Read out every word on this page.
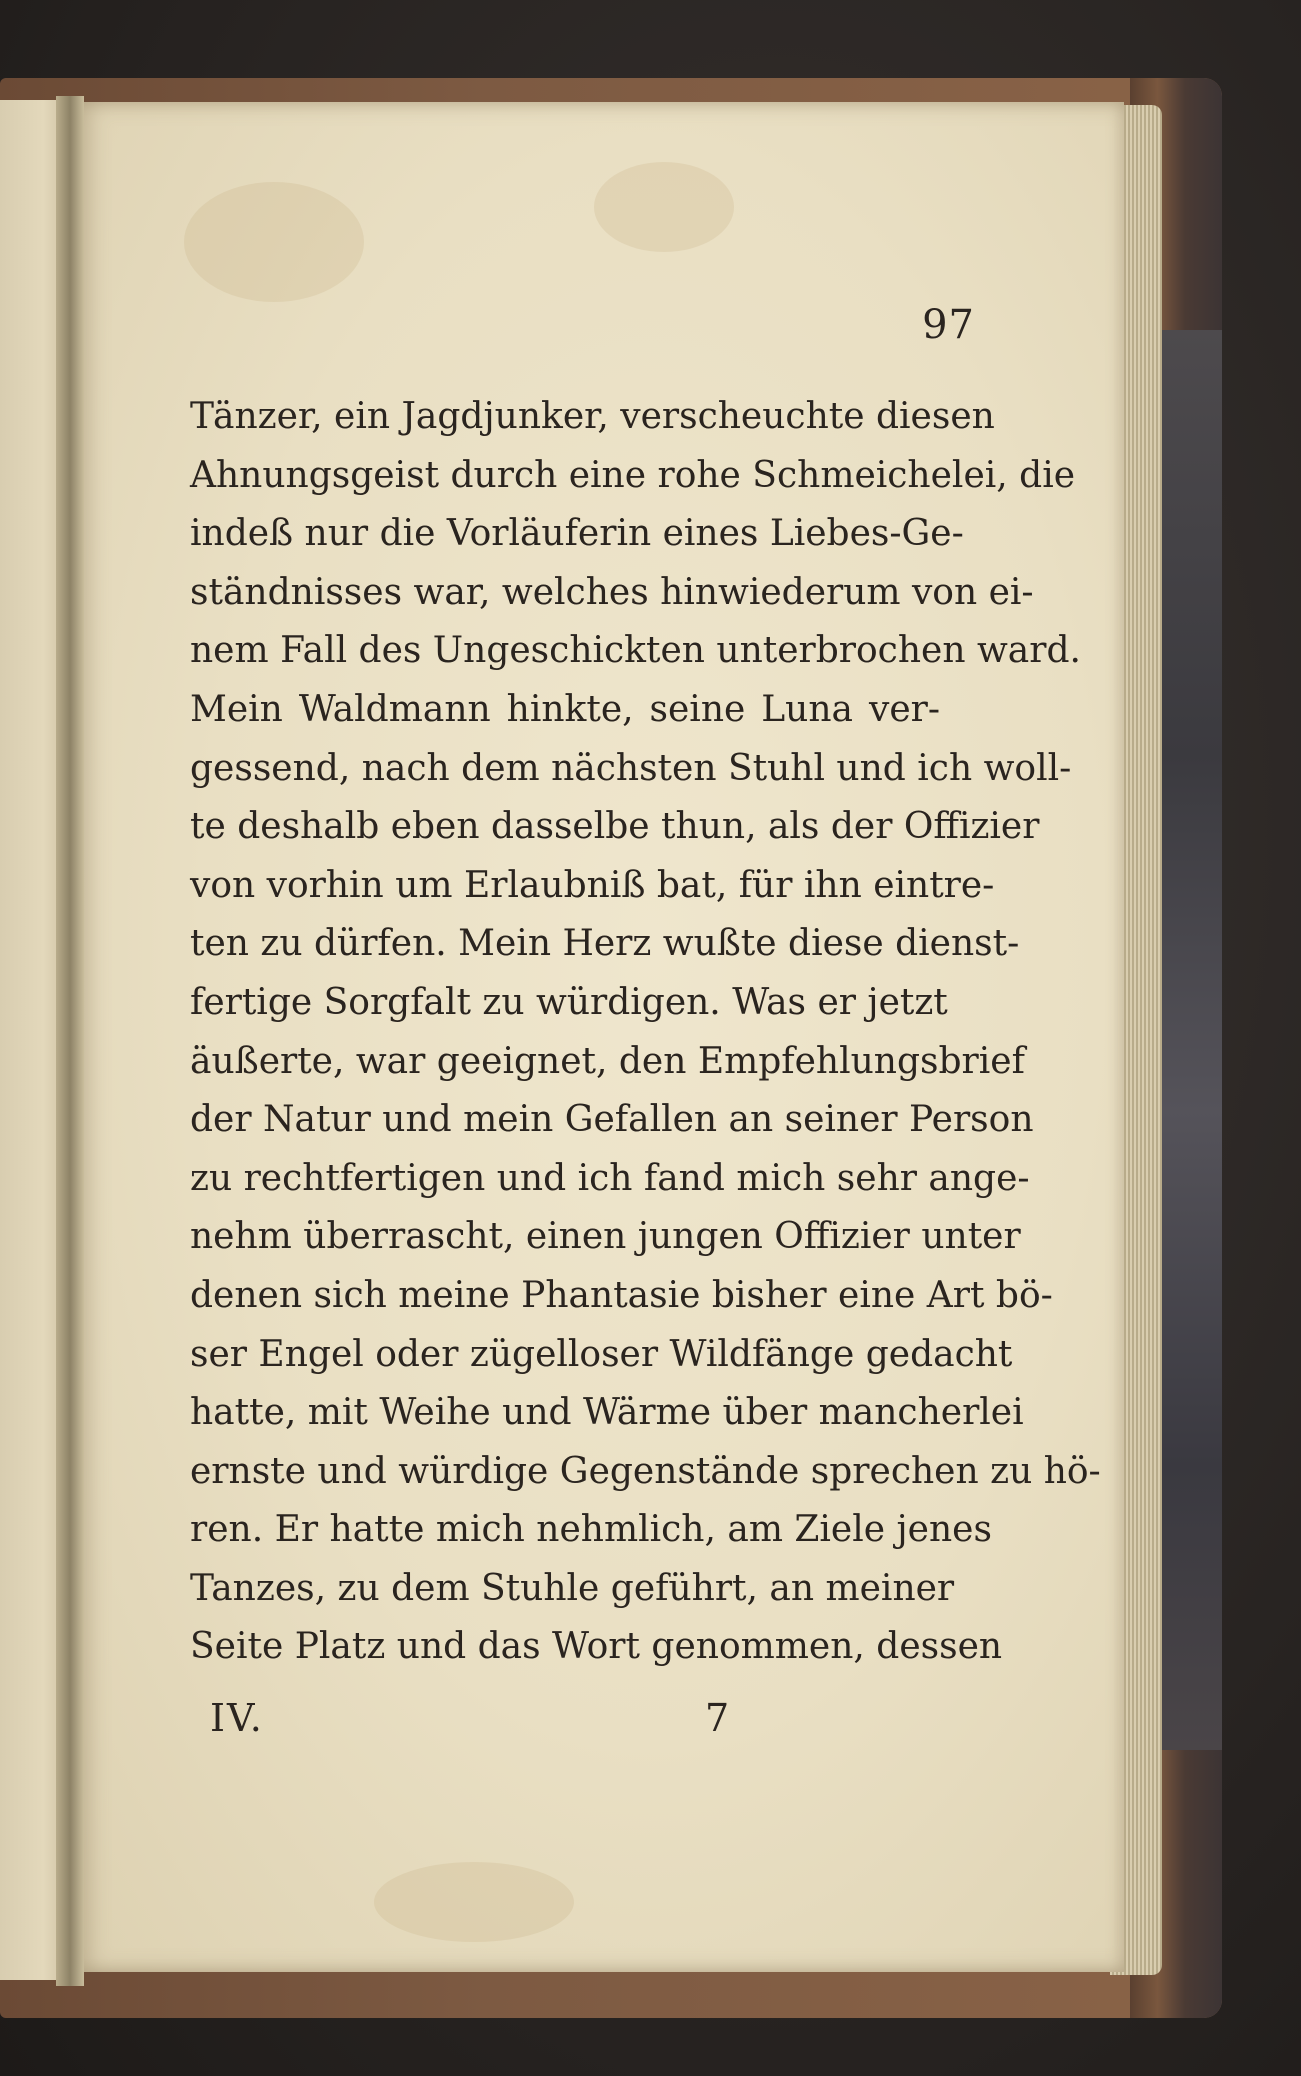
97
Tänzer, ein Jagdjunker, verscheuchte diesen
Ahnungsgeist durch eine rohe Schmeichelei, die
indeß nur die Vorläuferin eines Liebes-Ge-
ständnisses war, welches hinwiederum von ei-
nem Fall des Ungeschickten unterbrochen ward.
Mein Waldmann hinkte, seine Luna ver-
gessend, nach dem nächsten Stuhl und ich woll-
te deshalb eben dasselbe thun, als der Offizier
von vorhin um Erlaubniß bat, für ihn eintre-
ten zu dürfen. Mein Herz wußte diese dienst-
fertige Sorgfalt zu würdigen. Was er jetzt
äußerte, war geeignet, den Empfehlungsbrief
der Natur und mein Gefallen an seiner Person
zu rechtfertigen und ich fand mich sehr ange-
nehm überrascht, einen jungen Offizier unter
denen sich meine Phantasie bisher eine Art bö-
ser Engel oder zügelloser Wildfänge gedacht
hatte, mit Weihe und Wärme über mancherlei
ernste und würdige Gegenstände sprechen zu hö-
ren. Er hatte mich nehmlich, am Ziele jenes
Tanzes, zu dem Stuhle geführt, an meiner
Seite Platz und das Wort genommen, dessen
IV.	7
